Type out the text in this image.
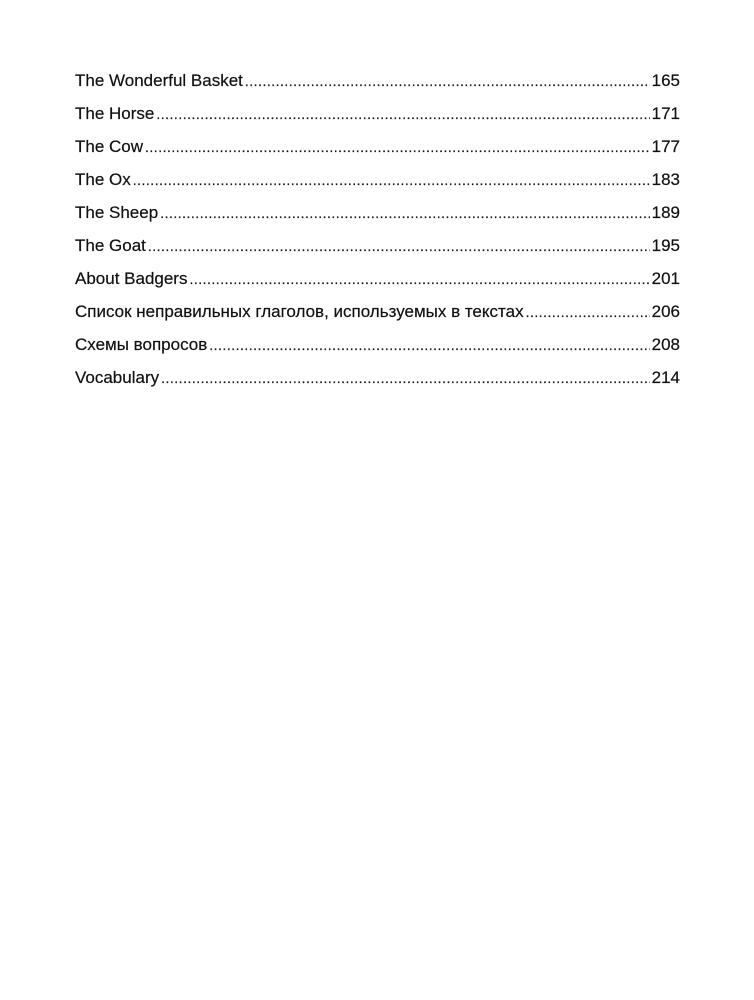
The Wonderful Basket .....	165
The Horse .....	171
The Cow .....	177
The Ox .....	183
The Sheep .....	189
The Goat .....	195
About Badgers .....	201
Список неправильных глаголов, используемых в текстах .....	206
Схемы вопросов .....	208
Vocabulary .....	214
